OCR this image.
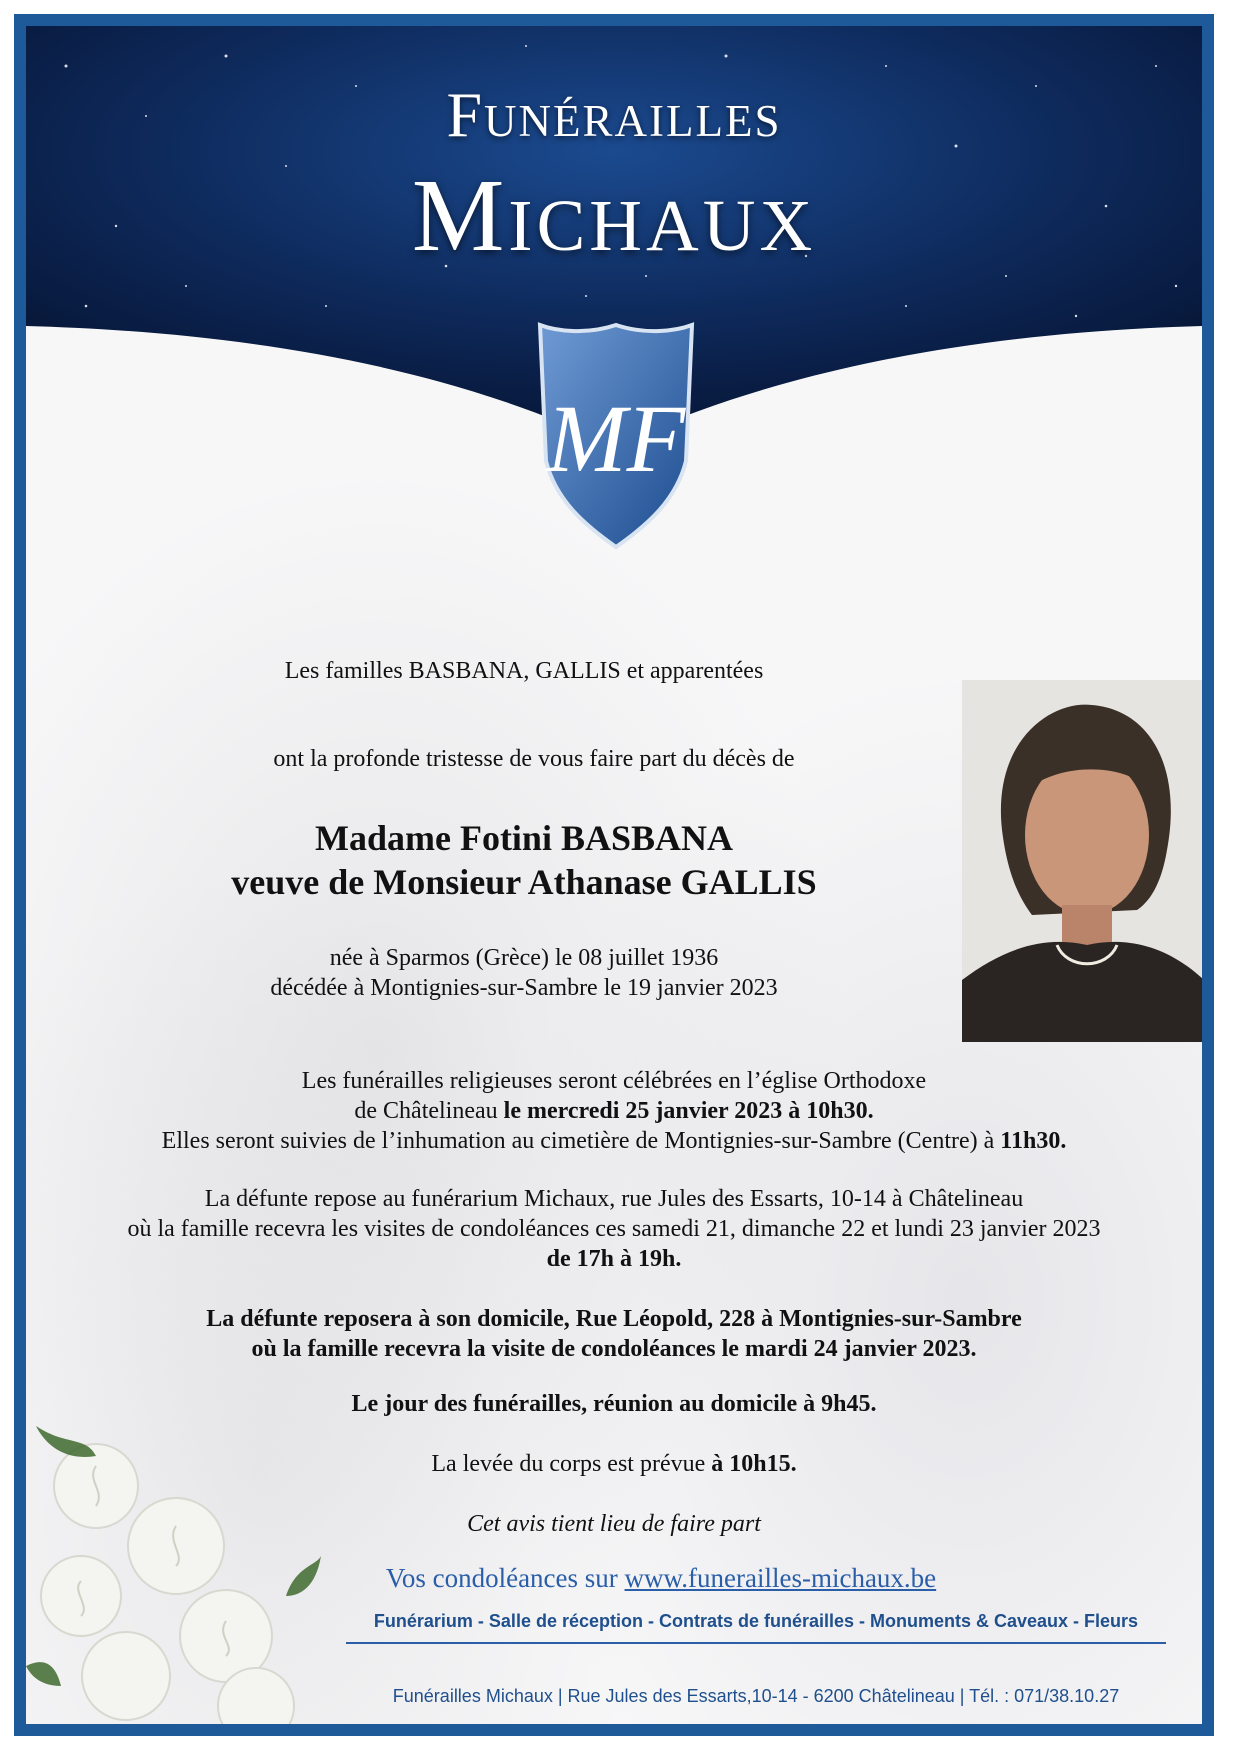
Funérailles
Michaux
MF
Les familles BASBANA, GALLIS et apparentées
ont la profonde tristesse de vous faire part du décès de
Madame Fotini BASBANA
veuve de Monsieur Athanase GALLIS
née à Sparmos (Grèce) le 08 juillet 1936
décédée à Montignies-sur-Sambre le 19 janvier 2023
Les funérailles religieuses seront célébrées en l’église Orthodoxe
de Châtelineau le mercredi 25 janvier 2023 à 10h30.
Elles seront suivies de l’inhumation au cimetière de Montignies-sur-Sambre (Centre) à 11h30.
La défunte repose au funérarium Michaux, rue Jules des Essarts, 10-14 à Châtelineau
où la famille recevra les visites de condoléances ces samedi 21, dimanche 22 et lundi 23 janvier 2023
de 17h à 19h.
La défunte reposera à son domicile, Rue Léopold, 228 à Montignies-sur-Sambre
où la famille recevra la visite de condoléances le mardi 24 janvier 2023.
Le jour des funérailles, réunion au domicile à 9h45.
La levée du corps est prévue à 10h15.
Cet avis tient lieu de faire part
Vos condoléances sur www.funerailles-michaux.be
Funérarium - Salle de réception - Contrats de funérailles - Monuments & Caveaux - Fleurs
Funérailles Michaux | Rue Jules des Essarts,10-14 - 6200 Châtelineau | Tél. : 071/38.10.27
